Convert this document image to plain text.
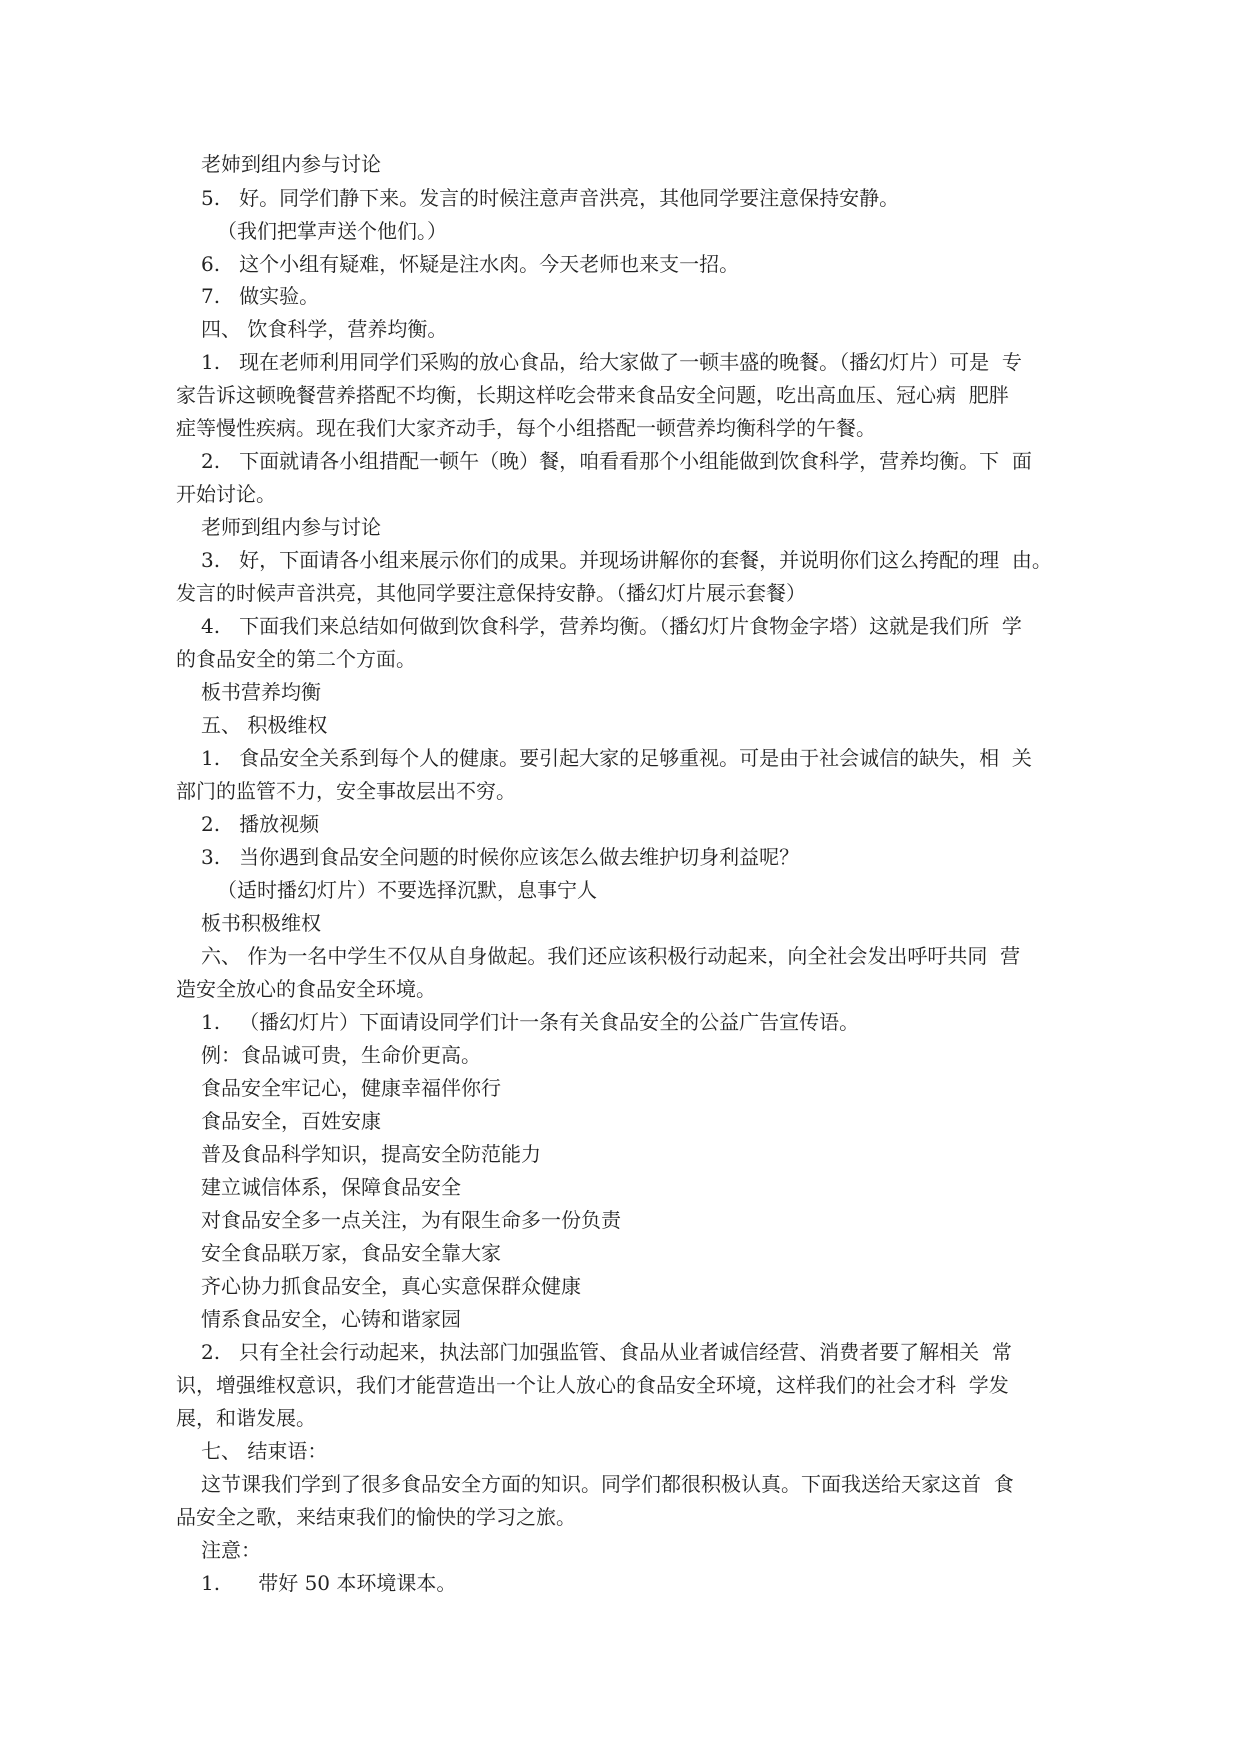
老姉到组内参与讨论
5.   好。同学们静下来。发言的时候注意声音洪亮，其他同学要注意保持安静。
（我们把掌声送个他们。）
6.   这个小组有疑难，怀疑是注水肉。今天老师也来支一招。
7.   做实验。
四、 饮食科学，营养均衡。
1.   现在老师利用同学们采购的放心食品，给大家做了一顿丰盛的晚餐。（播幻灯片）可是  专
家告诉这顿晚餐营养搭配不均衡，长期这样吃会带来食品安全问题，吃出高血压、冠心病  肥胖
症等慢性疾病。现在我们大家齐动手，每个小组搭配一顿营养均衡科学的午餐。
2.   下面就请各小组措配一顿午（晚）餐，咱看看那个小组能做到饮食科学，营养均衡。下  面
开始讨论。
老师到组内参与讨论
3.   好，下面请各小组来展示你们的成果。并现场讲解你的套餐，并说明你们这么挎配的理  由。
发言的时候声音洪亮，其他同学要注意保持安静。（播幻灯片展示套餐）
4.   下面我们来总结如何做到饮食科学，营养均衡。（播幻灯片食物金字塔）这就是我们所  学
的食品安全的第二个方面。
板书营养均衡
五、 积极维权
1.   食品安全关系到每个人的健康。要引起大家的足够重视。可是由于社会诚信的缺失，相  关
部门的监管不力，安全事故层出不穷。
2.   播放视频
3.   当你遇到食品安全问题的时候你应该怎么做去维护切身利益呢？
（适时播幻灯片）不要选择沉默，息事宁人
板书积极维权
六、 作为一名中学生不仅从自身做起。我们还应该积极行动起来，向全社会发出呼吁共同  营
造安全放心的食品安全环境。
1.   （播幻灯片）下面请设同学们计一条有关食品安全的公益广告宣传语。
例：食品诚可贵，生命价更高。
食品安全牢记心，健康幸福伴你行
食品安全，百姓安康
普及食品科学知识，提高安全防范能力
建立诚信体系，保障食品安全
对食品安全多一点关注，为有限生命多一份负责
安全食品联万家，食品安全靠大家
齐心协力抓食品安全，真心实意保群众健康
情系食品安全，心铸和谐家园
2.   只有全社会行动起来，执法部门加强监管、食品从业者诚信经营、消费者要了解相关  常
识，增强维权意识，我们才能营造出一个让人放心的食品安全环境，这样我们的社会才科  学发
展，和谐发展。
七、 结束语：
这节课我们学到了很多食品安全方面的知识。同学们都很积极认真。下面我送给天家这首  食
品安全之歌，来结束我们的愉快的学习之旅。
注意：
1.      带好 50 本环境课本。
